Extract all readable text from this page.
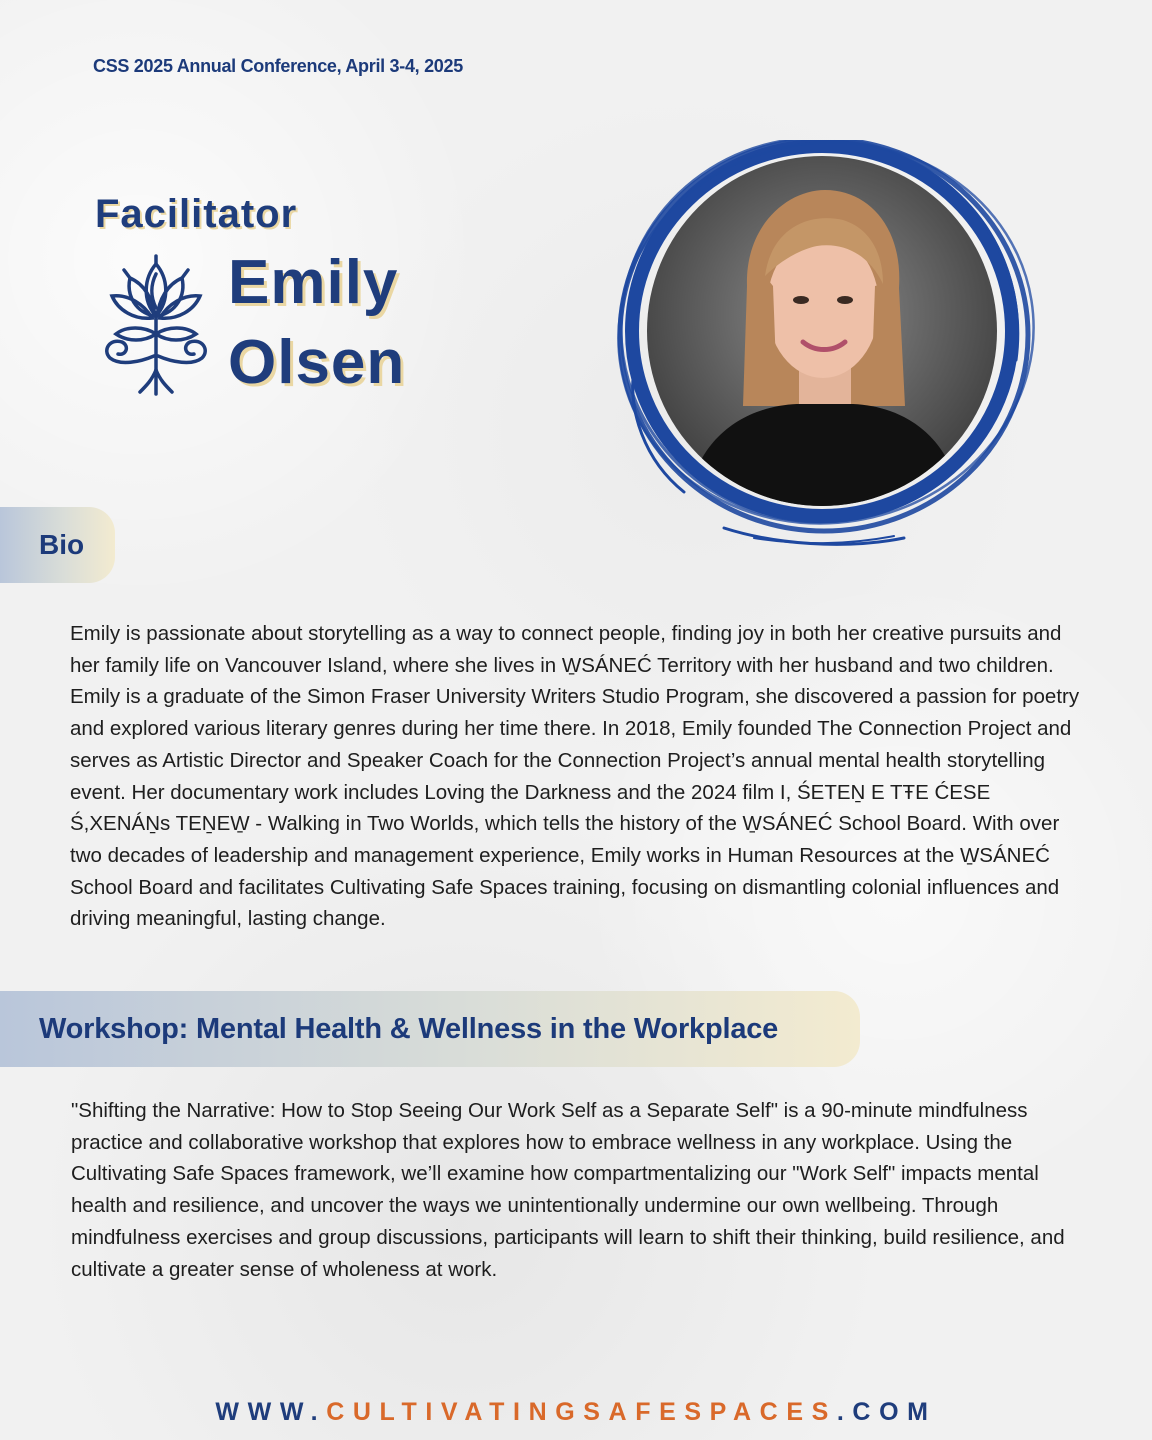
CSS 2025 Annual Conference, April 3-4, 2025
Facilitator
Emily
Olsen
Bio
Emily is passionate about storytelling as a way to connect people, finding joy in both her creative pursuits and her family life on Vancouver Island, where she lives in W̱SÁNEĆ Territory with her husband and two children. Emily is a graduate of the Simon Fraser University Writers Studio Program, she discovered a passion for poetry and explored various literary genres during her time there. In 2018, Emily founded The Connection Project and serves as Artistic Director and Speaker Coach for the Connection Project’s annual mental health storytelling event. Her documentary work includes Loving the Darkness and the 2024 film I, ŚETEṈ E TŦE ĆESE Ś,XENÁṈs TEṈEW̱ - Walking in Two Worlds, which tells the history of the W̱SÁNEĆ School Board. With over two decades of leadership and management experience, Emily works in Human Resources at the W̱SÁNEĆ School Board and facilitates Cultivating Safe Spaces training, focusing on dismantling colonial influences and driving meaningful, lasting change.
Workshop: Mental Health & Wellness in the Workplace
"Shifting the Narrative: How to Stop Seeing Our Work Self as a Separate Self" is a 90-minute mindfulness practice and collaborative workshop that explores how to embrace wellness in any workplace. Using the Cultivating Safe Spaces framework, we’ll examine how compartmentalizing our "Work Self" impacts mental health and resilience, and uncover the ways we unintentionally undermine our own wellbeing. Through mindfulness exercises and group discussions, participants will learn to shift their thinking, build resilience, and cultivate a greater sense of wholeness at work.
WWW.CULTIVATINGSAFESPACES.COM
